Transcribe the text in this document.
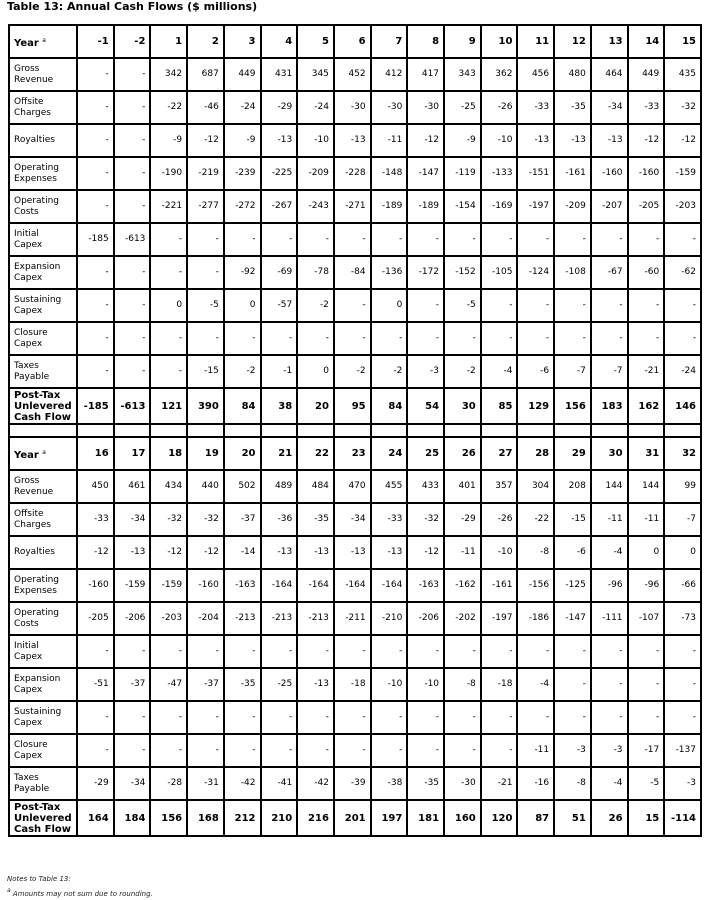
Table 13: Annual Cash Flows ($ millions)
Year $^a$	-1	-2	1	2	3	4	5	6	7	8	9	10	11	12	13	14	15

Gross
Revenue	-	-	342	687	449	431	345	452	412	417	343	362	456	480	464	449	435

Offsite
Charges	-	-	-22	-46	-24	-29	-24	-30	-30	-30	-25	-26	-33	-35	-34	-33	-32

Royalties	-	-	-9	-12	-9	-13	-10	-13	-11	-12	-9	-10	-13	-13	-13	-12	-12

Operating
Expenses	-	-	-190	-219	-239	-225	-209	-228	-148	-147	-119	-133	-151	-161	-160	-160	-159

Operating
Costs	-	-	-221	-277	-272	-267	-243	-271	-189	-189	-154	-169	-197	-209	-207	-205	-203

Initial
Capex	-185	-613	-	-	-	-	-	-	-	-	-	-	-	-	-	-	-

Expansion
Capex	-	-	-	-	-92	-69	-78	-84	-136	-172	-152	-105	-124	-108	-67	-60	-62

Sustaining
Capex	-	-	0	-5	0	-57	-2	-	0	-	-5	-	-	-	-	-	-

Closure
Capex	-	-	-	-	-	-	-	-	-	-	-	-	-	-	-	-	-

Taxes
Payable	-	-	-	-15	-2	-1	0	-2	-2	-3	-2	-4	-6	-7	-7	-21	-24

Post-Tax
Unlevered
Cash Flow	-185	-613	121	390	84	38	20	95	84	54	30	85	129	156	183	162	146

Year $^a$	16	17	18	19	20	21	22	23	24	25	26	27	28	29	30	31	32

Gross
Revenue	450	461	434	440	502	489	484	470	455	433	401	357	304	208	144	144	99

Offsite
Charges	-33	-34	-32	-32	-37	-36	-35	-34	-33	-32	-29	-26	-22	-15	-11	-11	-7

Royalties	-12	-13	-12	-12	-14	-13	-13	-13	-13	-12	-11	-10	-8	-6	-4	0	0

Operating
Expenses	-160	-159	-159	-160	-163	-164	-164	-164	-164	-163	-162	-161	-156	-125	-96	-96	-66

Operating
Costs	-205	-206	-203	-204	-213	-213	-213	-211	-210	-206	-202	-197	-186	-147	-111	-107	-73

Initial
Capex	-	-	-	-	-	-	-	-	-	-	-	-	-	-	-	-	-

Expansion
Capex	-51	-37	-47	-37	-35	-25	-13	-18	-10	-10	-8	-18	-4	-	-	-	-

Sustaining
Capex	-	-	-	-	-	-	-	-	-	-	-	-	-	-	-	-	-

Closure
Capex	-	-	-	-	-	-	-	-	-	-	-	-	-11	-3	-3	-17	-137

Taxes
Payable	-29	-34	-28	-31	-42	-41	-42	-39	-38	-35	-30	-21	-16	-8	-4	-5	-3

Post-Tax
Unlevered
Cash Flow	164	184	156	168	212	210	216	201	197	181	160	120	87	51	26	15	-114
Notes to Table 13:
$^a$ Amounts may not sum due to rounding.
